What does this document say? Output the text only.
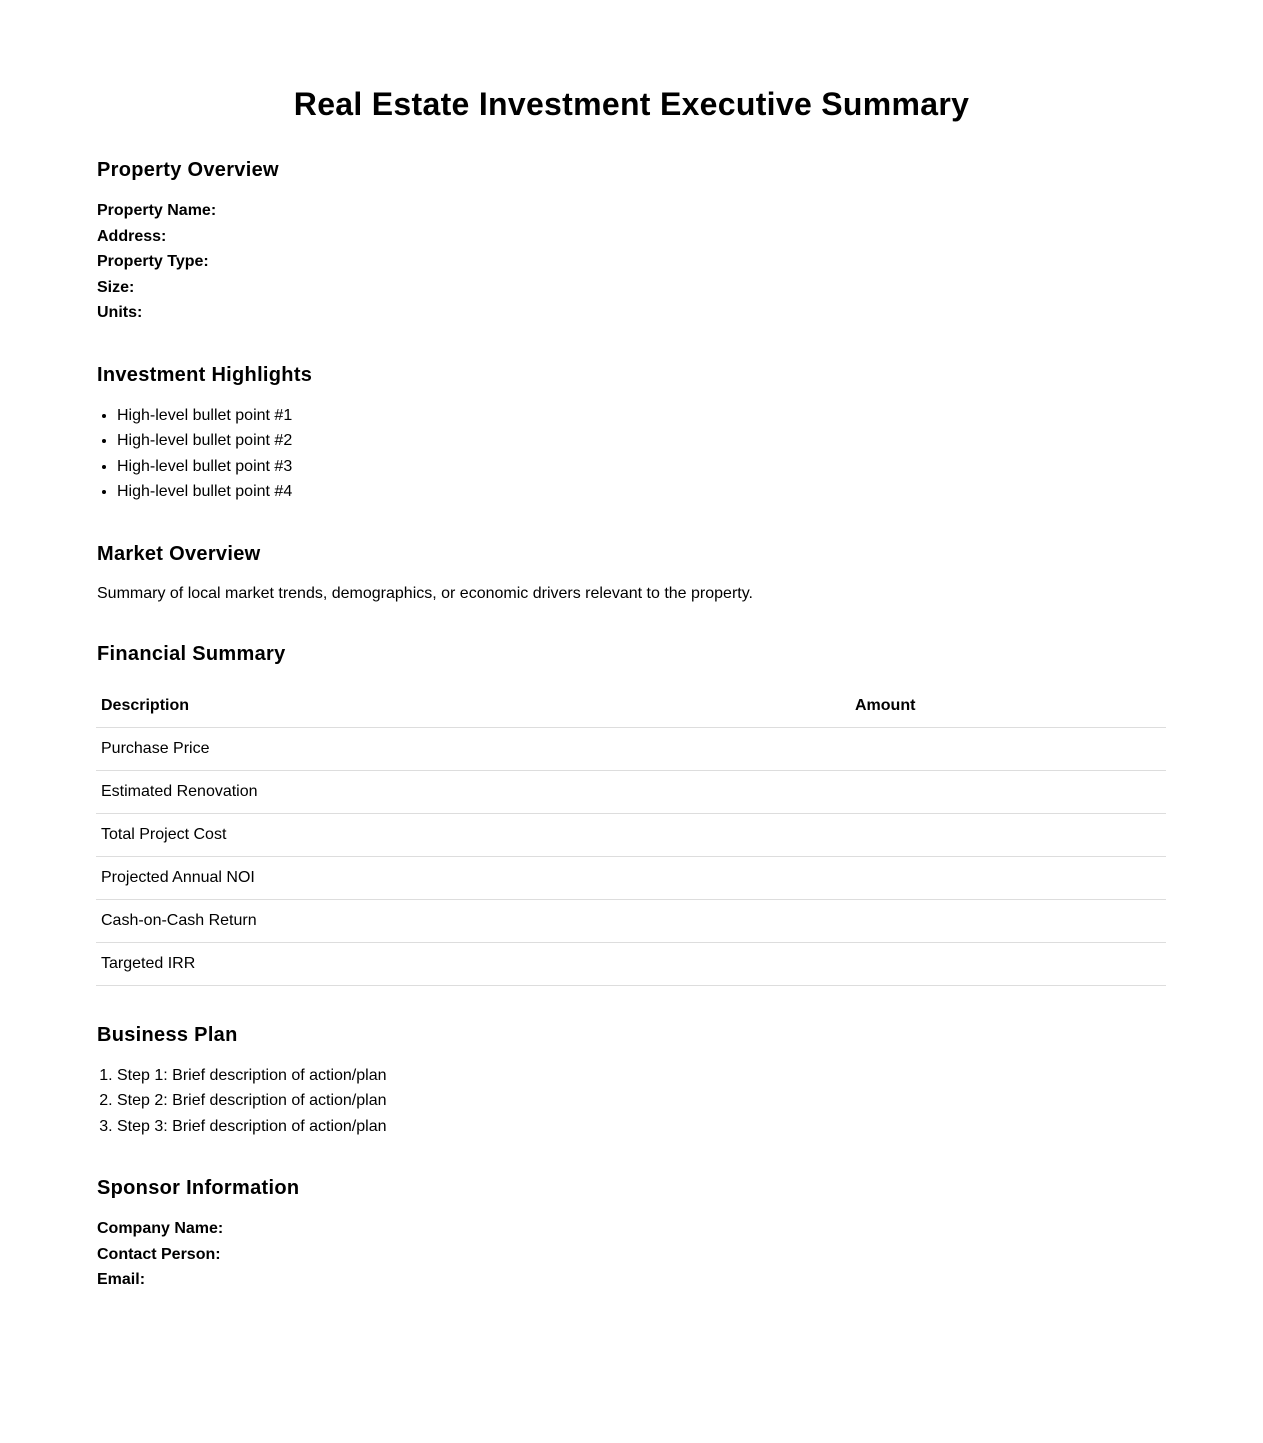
Real Estate Investment Executive Summary
Property Overview
Property Name:
Address:
Property Type:
Size:
Units:
Investment Highlights
• High-level bullet point #1
• High-level bullet point #2
• High-level bullet point #3
• High-level bullet point #4
Market Overview

Summary of local market trends, demographics, or economic drivers relevant to the property.

Financial Summary
Description	Amount
Purchase Price	
Estimated Renovation	
Total Project Cost	
Projected Annual NOI	
Cash-on-Cash Return	
Targeted IRR	
Business Plan
1. Step 1: Brief description of action/plan
2. Step 2: Brief description of action/plan
3. Step 3: Brief description of action/plan
Sponsor Information
Company Name:
Contact Person:
Email:
